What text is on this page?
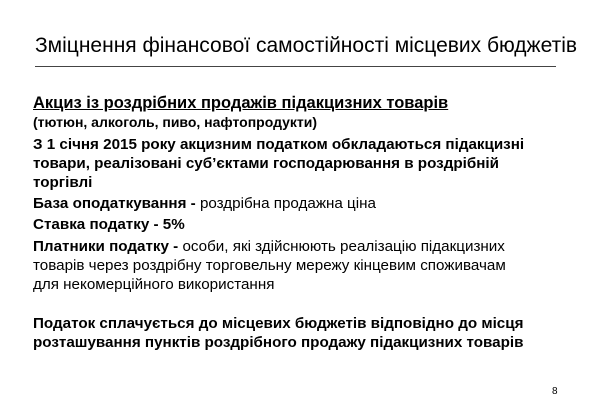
Зміцнення фінансової самостійності місцевих бюджетів
Акциз із роздрібних продажів підакцизних товарів
(тютюн, алкоголь, пиво, нафтопродукти)
З 1 січня 2015 року акцизним податком обкладаються підакцизні
товари, реалізовані суб’єктами господарювання в роздрібній
торгівлі
База оподаткування - роздрібна продажна ціна
Ставка податку - 5%
Платники податку - особи, які здійснюють реалізацію підакцизних
товарів через роздрібну торговельну мережу кінцевим споживачам
для некомерційного використання
Податок сплачується до місцевих бюджетів відповідно до місця
розташування пунктів роздрібного продажу підакцизних товарів
8
